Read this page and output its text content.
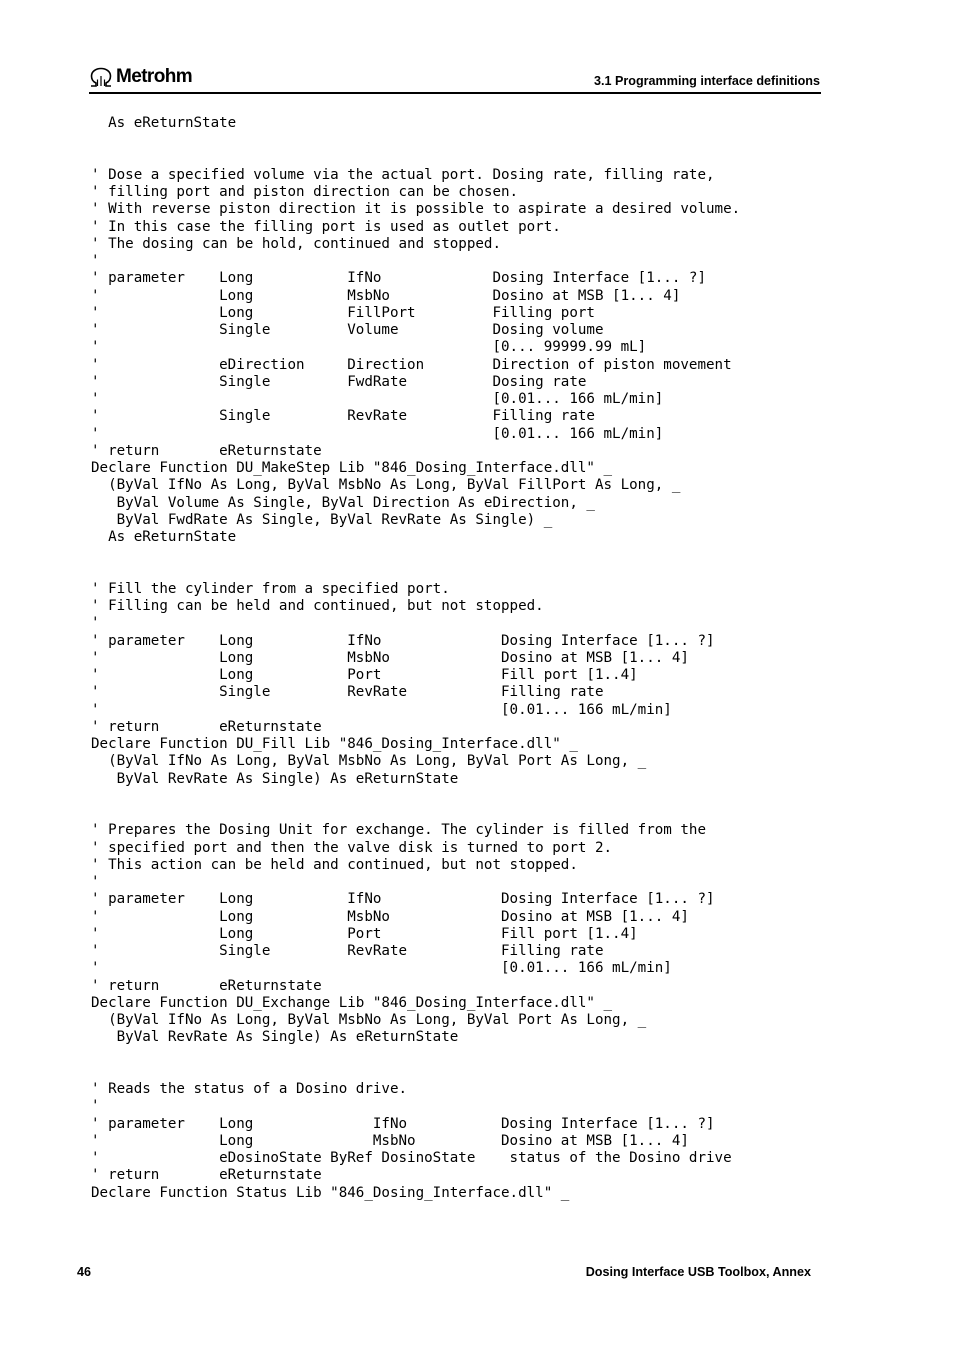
Metrohm	3.1 Programming interface definitions
As eReturnState
' Dose a specified volume via the actual port. Dosing rate, filling rate,
' filling port and piston direction can be chosen.
' With reverse piston direction it is possible to aspirate a desired volume.
' In this case the filling port is used as outlet port.
' The dosing can be hold, continued and stopped.
'
' parameter    Long           IfNo             Dosing Interface [1... ?]
'              Long           MsbNo            Dosino at MSB [1... 4]
'              Long           FillPort         Filling port
'              Single         Volume           Dosing volume
'                                              [0... 99999.99 mL]
'              eDirection     Direction        Direction of piston movement
'              Single         FwdRate          Dosing rate
'                                              [0.01... 166 mL/min]
'              Single         RevRate          Filling rate
'                                              [0.01... 166 mL/min]
' return       eReturnstate
Declare Function DU_MakeStep Lib "846_Dosing_Interface.dll" _
(ByVal IfNo As Long, ByVal MsbNo As Long, ByVal FillPort As Long, _
ByVal Volume As Single, ByVal Direction As eDirection, _
ByVal FwdRate As Single, ByVal RevRate As Single) _
As eReturnState
' Fill the cylinder from a specified port.
' Filling can be held and continued, but not stopped.
'
' parameter    Long           IfNo              Dosing Interface [1... ?]
'              Long           MsbNo             Dosino at MSB [1... 4]
'              Long           Port              Fill port [1..4]
'              Single         RevRate           Filling rate
'                                               [0.01... 166 mL/min]
' return       eReturnstate
Declare Function DU_Fill Lib "846_Dosing_Interface.dll" _
(ByVal IfNo As Long, ByVal MsbNo As Long, ByVal Port As Long, _
ByVal RevRate As Single) As eReturnState
' Prepares the Dosing Unit for exchange. The cylinder is filled from the
' specified port and then the valve disk is turned to port 2.
' This action can be held and continued, but not stopped.
'
' parameter    Long           IfNo              Dosing Interface [1... ?]
'              Long           MsbNo             Dosino at MSB [1... 4]
'              Long           Port              Fill port [1..4]
'              Single         RevRate           Filling rate
'                                               [0.01... 166 mL/min]
' return       eReturnstate
Declare Function DU_Exchange Lib "846_Dosing_Interface.dll" _
(ByVal IfNo As Long, ByVal MsbNo As Long, ByVal Port As Long, _
ByVal RevRate As Single) As eReturnState
' Reads the status of a Dosino drive.
'
' parameter    Long              IfNo           Dosing Interface [1... ?]
'              Long              MsbNo          Dosino at MSB [1... 4]
'              eDosinoState ByRef DosinoState    status of the Dosino drive
' return       eReturnstate
Declare Function Status Lib "846_Dosing_Interface.dll" _
46	Dosing Interface USB Toolbox, Annex
